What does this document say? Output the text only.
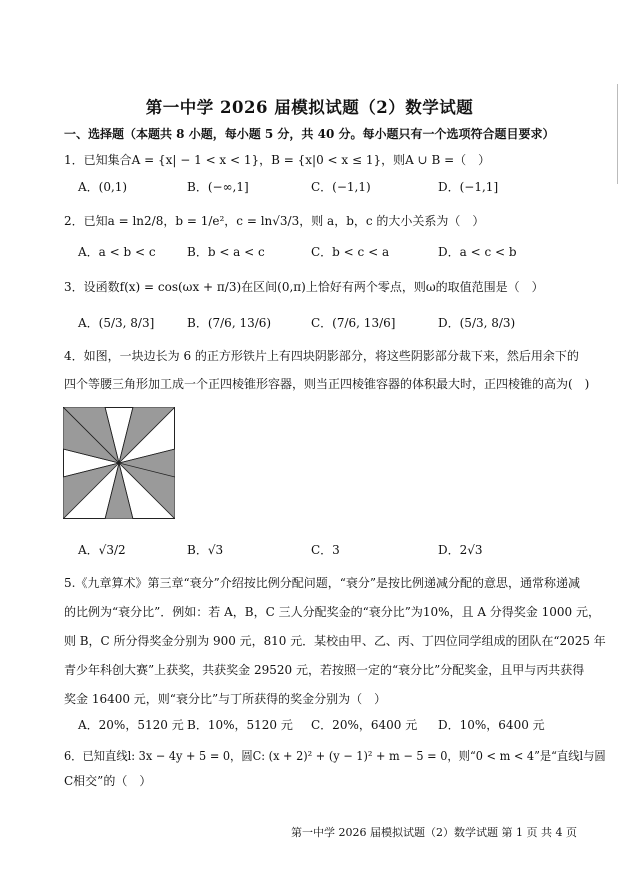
第一中学 2026 届模拟试题（2）数学试题
一、选择题（本题共 8 小题，每小题 5 分，共 40 分。每小题只有一个选项符合题目要求）
1．已知集合A = {x| − 1 < x < 1}，B = {x|0 < x ≤ 1}，则A ∪ B =（　）
A．(0,1)	B．(−∞,1]	C．(−1,1)	D．(−1,1]
2．已知a = ln2/8，b = 1/e²，c = ln√3/3，则 a，b，c 的大小关系为（　）
A．a < b < c	B．b < a < c	C．b < c < a	D．a < c < b
3．设函数f(x) = cos(ωx + π/3)在区间(0,π)上恰好有两个零点，则ω的取值范围是（　）
A．(5/3, 8/3]	B．(7/6, 13/6)	C．(7/6, 13/6]	D．(5/3, 8/3)
4．如图，一块边长为 6 的正方形铁片上有四块阴影部分，将这些阴影部分裁下来，然后用余下的
四个等腰三角形加工成一个正四棱锥形容器，则当正四棱锥容器的体积最大时，正四棱锥的高为(　)
A．√3/2	B．√3	C．3	D．2√3
5.《九章算术》第三章“衰分”介绍按比例分配问题，“衰分”是按比例递减分配的意思，通常称递减
的比例为“衰分比”．例如：若 A，B，C 三人分配奖金的“衰分比”为10%，且 A 分得奖金 1000 元，
则 B，C 所分得奖金分别为 900 元，810 元．某校由甲、乙、丙、丁四位同学组成的团队在“2025 年
青少年科创大赛”上获奖，共获奖金 29520 元，若按照一定的“衰分比”分配奖金，且甲与丙共获得
奖金 16400 元，则“衰分比”与丁所获得的奖金分别为（　）
A．20%，5120 元 B．10%，5120 元 C．20%，6400 元 D．10%，6400 元
6．已知直线l: 3x − 4y + 5 = 0，圆C: (x + 2)² + (y − 1)² + m − 5 = 0，则“0 < m < 4”是“直线l与圆
C相交”的（　）
第一中学 2026 届模拟试题（2）数学试题 第 1 页 共 4 页
